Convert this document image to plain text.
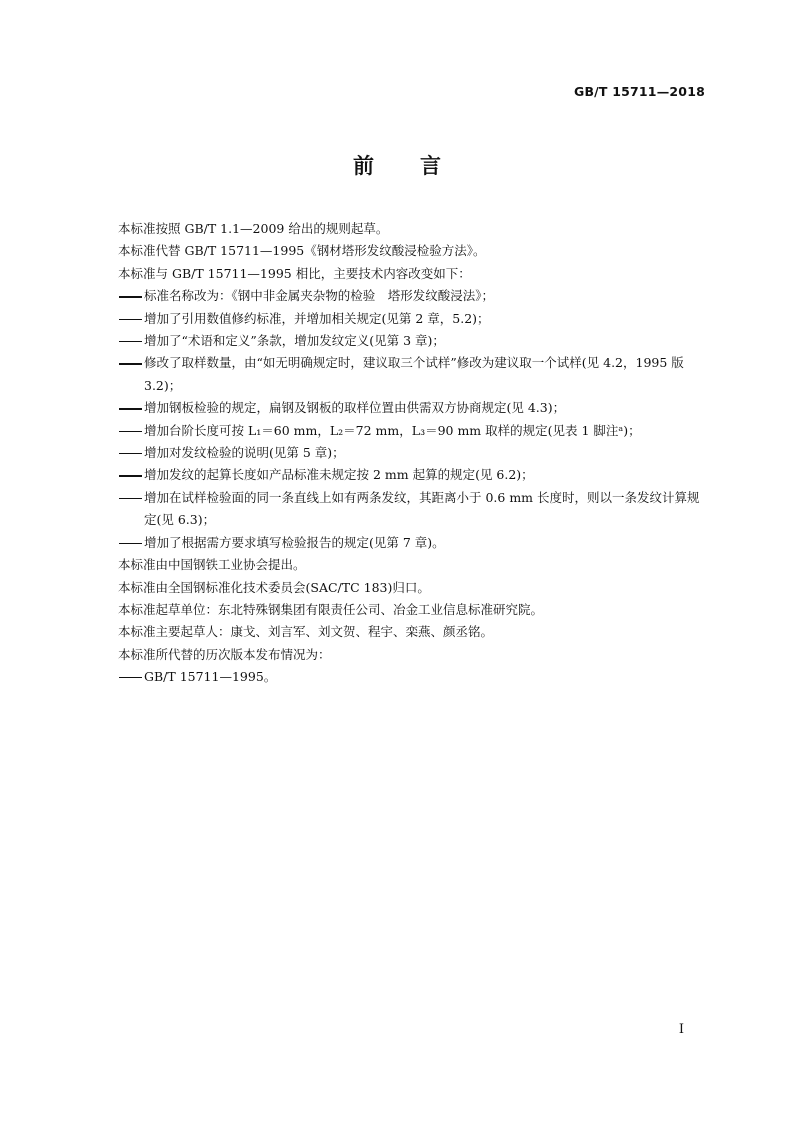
GB/T 15711—2018
前言
本标准按照 GB/T 1.1—2009 给出的规则起草。
本标准代替 GB/T 15711—1995《钢材塔形发纹酸浸检验方法》。
本标准与 GB/T 15711—1995 相比，主要技术内容改变如下：
标准名称改为：《钢中非金属夹杂物的检验　塔形发纹酸浸法》；
增加了引用数值修约标准，并增加相关规定(见第 2 章，5.2)；
增加了“术语和定义”条款，增加发纹定义(见第 3 章)；
修改了取样数量，由“如无明确规定时，建议取三个试样”修改为建议取一个试样(见 4.2，1995 版 3.2)；
增加钢板检验的规定，扁钢及钢板的取样位置由供需双方协商规定(见 4.3)；
增加台阶长度可按 L₁＝60 mm，L₂＝72 mm，L₃＝90 mm 取样的规定(见表 1 脚注ᵃ)；
增加对发纹检验的说明(见第 5 章)；
增加发纹的起算长度如产品标准未规定按 2 mm 起算的规定(见 6.2)；
增加在试样检验面的同一条直线上如有两条发纹，其距离小于 0.6 mm 长度时，则以一条发纹计算规定(见 6.3)；
增加了根据需方要求填写检验报告的规定(见第 7 章)。
本标准由中国钢铁工业协会提出。
本标准由全国钢标准化技术委员会(SAC/TC 183)归口。
本标准起草单位：东北特殊钢集团有限责任公司、冶金工业信息标准研究院。
本标准主要起草人：康戈、刘言军、刘文贺、程宇、栾燕、颜丞铭。
本标准所代替的历次版本发布情况为：
GB/T 15711—1995。
I
